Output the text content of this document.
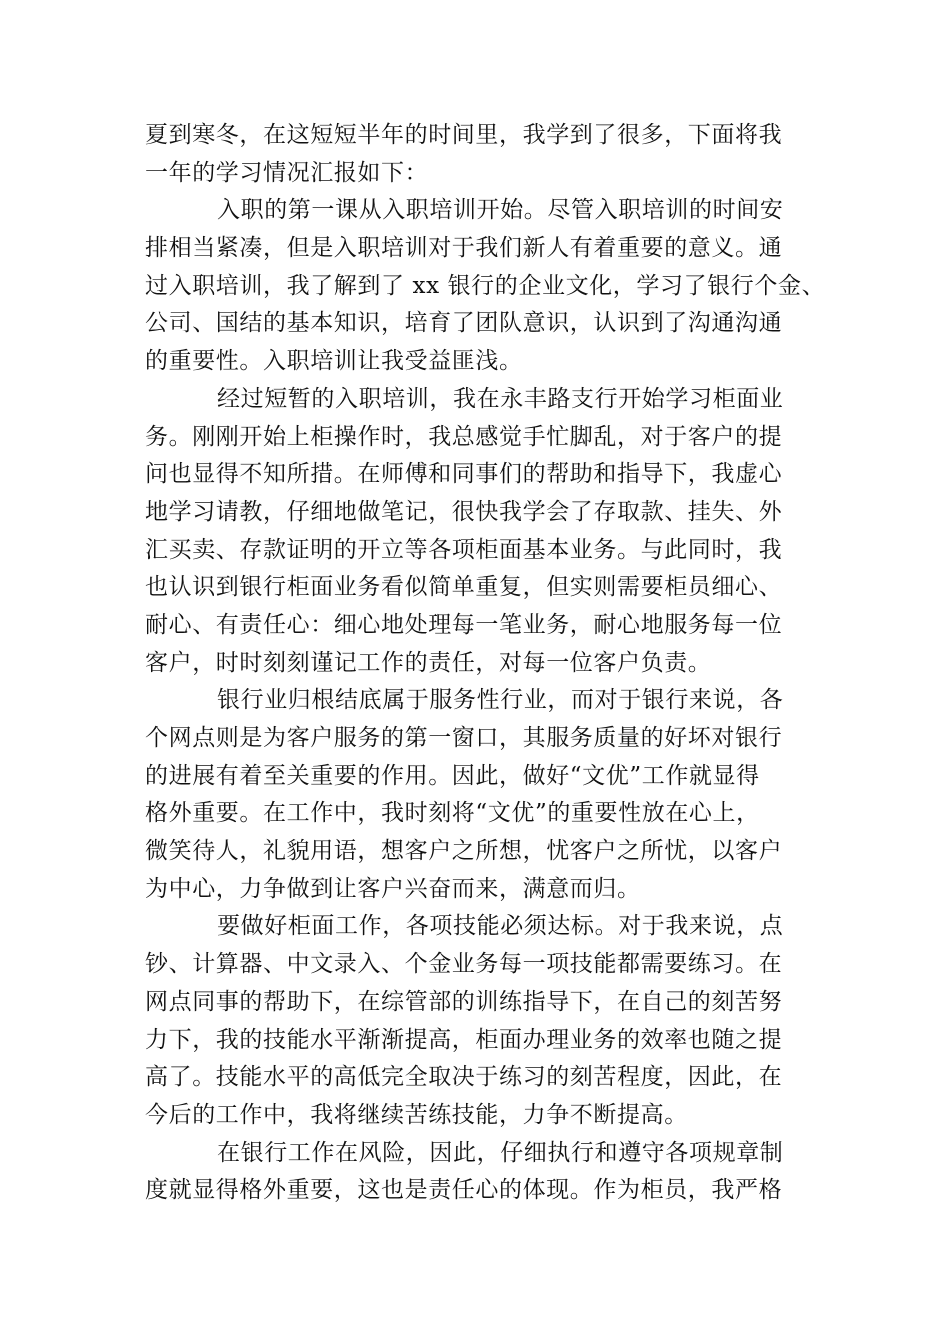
夏到寒冬，在这短短半年的时间里，我学到了很多，下面将我
一年的学习情况汇报如下：
入职的第一课从入职培训开始。尽管入职培训的时间安
排相当紧凑，但是入职培训对于我们新人有着重要的意义。通
过入职培训，我了解到了 xx 银行的企业文化，学习了银行个金、
公司、国结的基本知识，培育了团队意识，认识到了沟通沟通
的重要性。入职培训让我受益匪浅。
经过短暂的入职培训，我在永丰路支行开始学习柜面业
务。刚刚开始上柜操作时，我总感觉手忙脚乱，对于客户的提
问也显得不知所措。在师傅和同事们的帮助和指导下，我虚心
地学习请教，仔细地做笔记，很快我学会了存取款、挂失、外
汇买卖、存款证明的开立等各项柜面基本业务。与此同时，我
也认识到银行柜面业务看似简单重复，但实则需要柜员细心、
耐心、有责任心：细心地处理每一笔业务，耐心地服务每一位
客户，时时刻刻谨记工作的责任，对每一位客户负责。
银行业归根结底属于服务性行业，而对于银行来说，各
个网点则是为客户服务的第一窗口，其服务质量的好坏对银行
的进展有着至关重要的作用。因此，做好“文优”工作就显得
格外重要。在工作中，我时刻将“文优”的重要性放在心上，
微笑待人，礼貌用语，想客户之所想，忧客户之所忧，以客户
为中心，力争做到让客户兴奋而来，满意而归。
要做好柜面工作，各项技能必须达标。对于我来说，点
钞、计算器、中文录入、个金业务每一项技能都需要练习。在
网点同事的帮助下，在综管部的训练指导下，在自己的刻苦努
力下，我的技能水平渐渐提高，柜面办理业务的效率也随之提
高了。技能水平的高低完全取决于练习的刻苦程度，因此，在
今后的工作中，我将继续苦练技能，力争不断提高。
在银行工作在风险，因此，仔细执行和遵守各项规章制
度就显得格外重要，这也是责任心的体现。作为柜员，我严格
